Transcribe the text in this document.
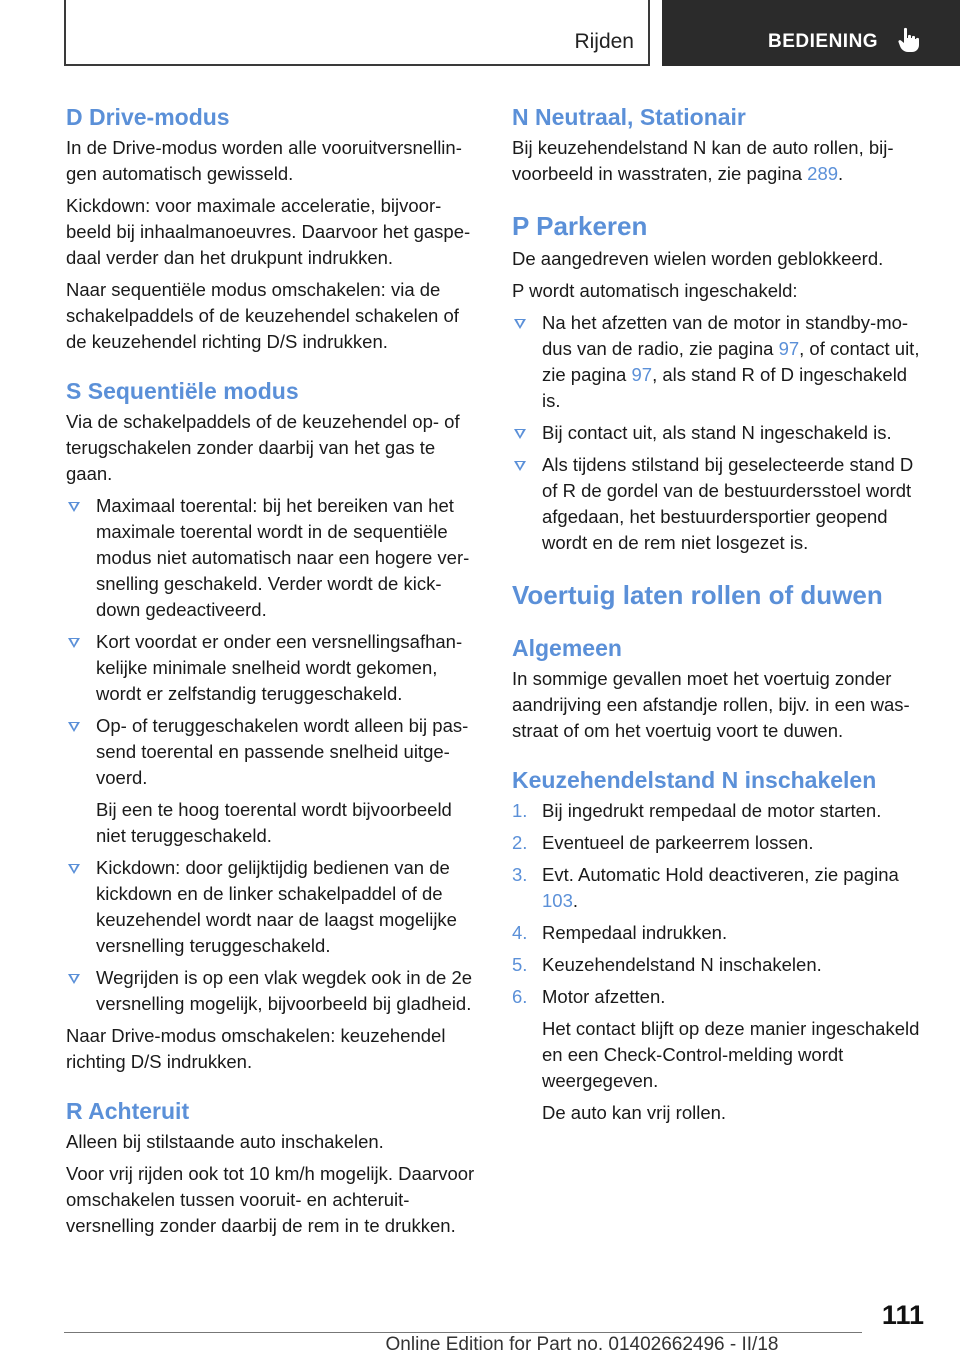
Rijden	BEDIENING
D Drive-modus

In de Drive-modus worden alle vooruitversnellingen automatisch gewisseld.

Kickdown: voor maximale acceleratie, bijvoorbeeld bij inhaalmanoeuvres. Daarvoor het gaspedaal verder dan het drukpunt indrukken.

Naar sequentiële modus omschakelen: via de schakelpaddels of de keuzehendel schakelen of de keuzehendel richting D/S indrukken.

S Sequentiële modus

Via de schakelpaddels of de keuzehendel op- of terugschakelen zonder daarbij van het gas te gaan.

Maximaal toerental: bij het bereiken van het maximale toerental wordt in de sequentiële modus niet automatisch naar een hogere versnelling geschakeld. Verder wordt de kickdown gedeactiveerd.
Kort voordat er onder een versnellingsafhankelijke minimale snelheid wordt gekomen, wordt er zelfstandig teruggeschakeld.
Op- of teruggeschakelen wordt alleen bij passend toerental en passende snelheid uitgevoerd.

Bij een te hoog toerental wordt bijvoorbeeld niet teruggeschakeld.

Kickdown: door gelijktijdig bedienen van de kickdown en de linker schakelpaddel of de keuzehendel wordt naar de laagst mogelijke versnelling teruggeschakeld.
Wegrijden is op een vlak wegdek ook in de 2e versnelling mogelijk, bijvoorbeeld bij gladheid.

Naar Drive-modus omschakelen: keuzehendel richting D/S indrukken.

R Achteruit

Alleen bij stilstaande auto inschakelen.

Voor vrij rijden ook tot 10 km/h mogelijk. Daarvoor omschakelen tussen vooruit- en achteruitversnelling zonder daarbij de rem in te drukken.

N Neutraal, Stationair

Bij keuzehendelstand N kan de auto rollen, bijvoorbeeld in wasstraten, zie pagina 289.

P Parkeren

De aangedreven wielen worden geblokkeerd.

P wordt automatisch ingeschakeld:

Na het afzetten van de motor in standby-modus van de radio, zie pagina 97, of contact uit, zie pagina 97, als stand R of D ingeschakeld is.
Bij contact uit, als stand N ingeschakeld is.
Als tijdens stilstand bij geselecteerde stand D of R de gordel van de bestuurdersstoel wordt afgedaan, het bestuurdersportier geopend wordt en de rem niet losgezet is.
Voertuig laten rollen of duwen
Algemeen

In sommige gevallen moet het voertuig zonder aandrijving een afstandje rollen, bijv. in een wasstraat of om het voertuig voort te duwen.

Keuzehendelstand N inschakelen
1. Bij ingedrukt rempedaal de motor starten.
2. Eventueel de parkeerrem lossen.
3. Evt. Automatic Hold deactiveren, zie pagina 103.
4. Rempedaal indrukken.
5. Keuzehendelstand N inschakelen.
6. Motor afzetten.

Het contact blijft op deze manier ingeschakeld en een Check-Control-melding wordt weergegeven.

De auto kan vrij rollen.

111
Online Edition for Part no. 01402662496 - II/18
